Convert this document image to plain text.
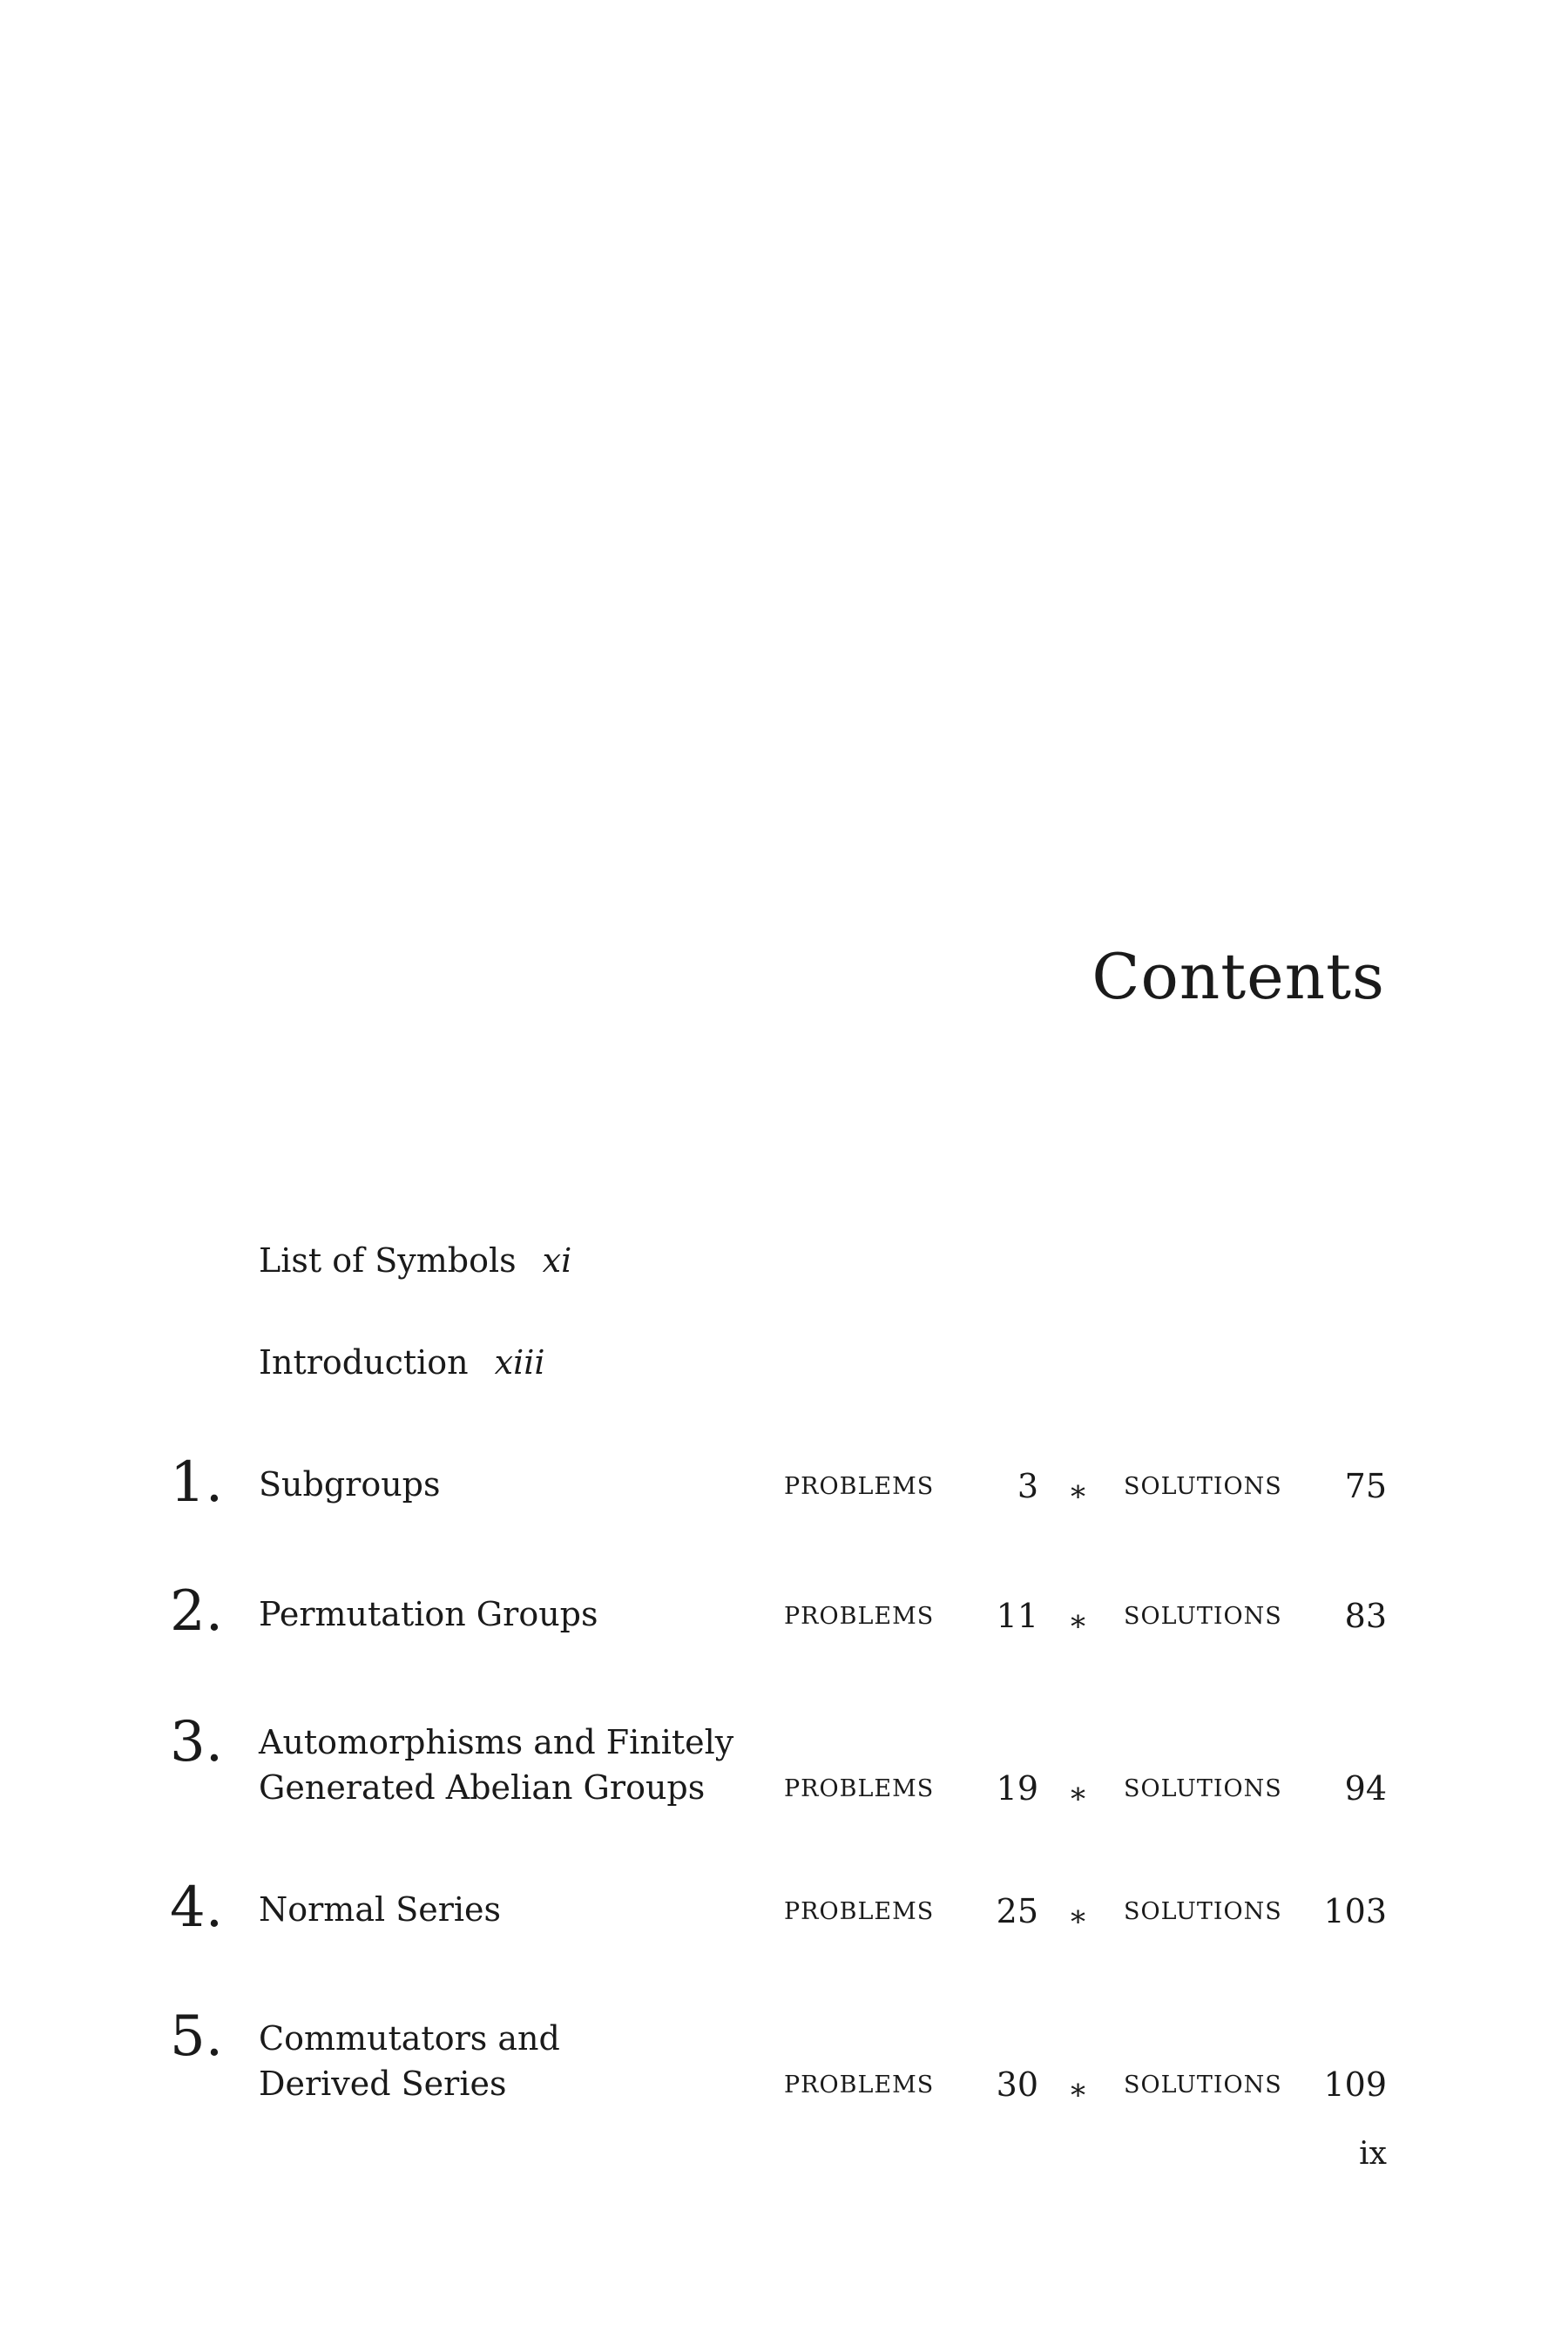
Contents
List of Symbols xi
Introduction xiii
1. Subgroups	PROBLEMS	3 ∗ SOLUTIONS 75
2. Permutation Groups	PROBLEMS 11 ∗ SOLUTIONS 83
3. Automorphisms and Finitely
Generated Abelian Groups	PROBLEMS 19 ∗ SOLUTIONS 94
4. Normal Series	PROBLEMS 25 ∗ SOLUTIONS 103
5. Commutators and
Derived Series	PROBLEMS 30 ∗ SOLUTIONS 109
ix
